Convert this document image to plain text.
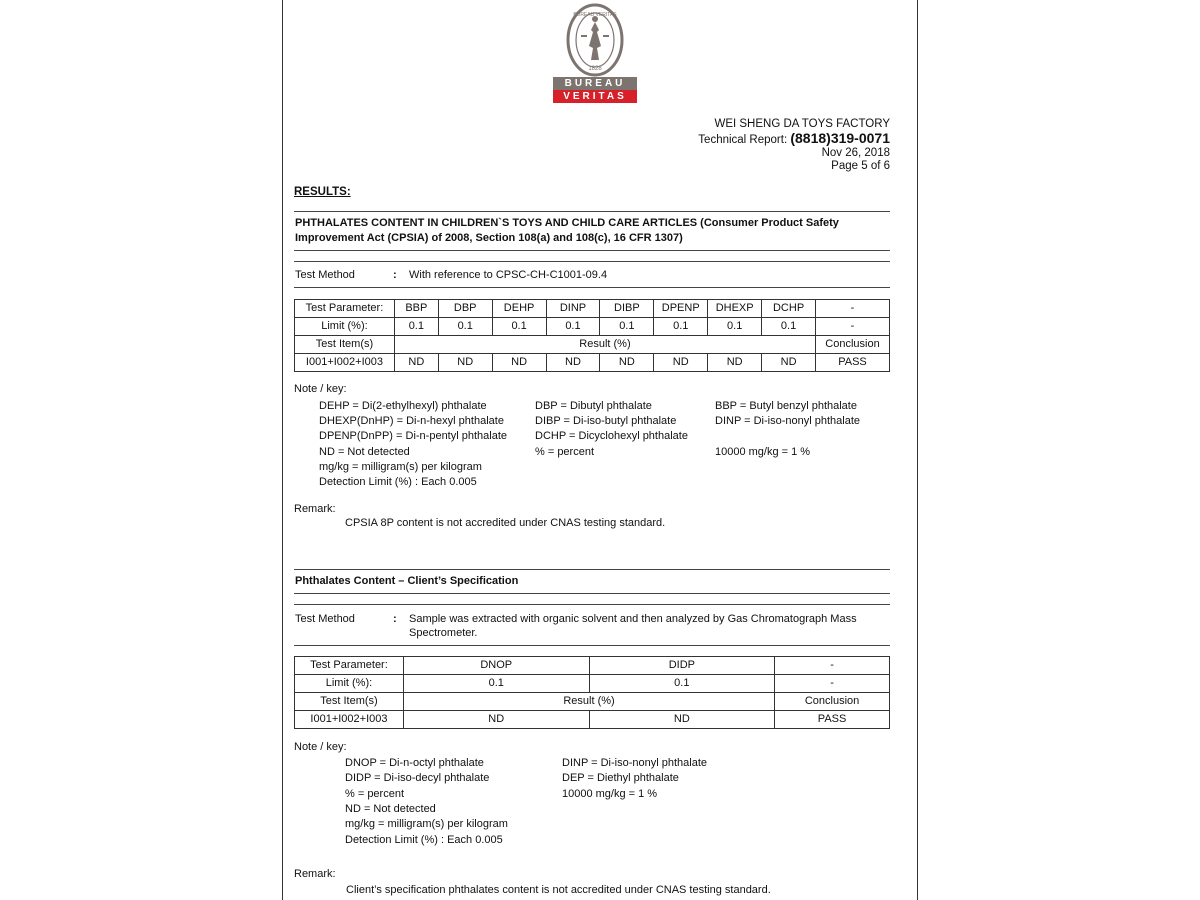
BUREAU VERITAS
1828
BUREAU
VERITAS
WEI SHENG DA TOYS FACTORY
Technical Report: (8818)319-0071
Nov 26, 2018
Page 5 of 6
RESULTS:
PHTHALATES CONTENT IN CHILDREN`S TOYS AND CHILD CARE ARTICLES (Consumer Product Safety
Improvement Act (CPSIA) of 2008, Section 108(a) and 108(c), 16 CFR 1307)
Test Method	: With reference to CPSC-CH-C1001-09.4
Test Parameter:	BBP	DBP	DEHP	DINP	DIBP	DPENP	DHEXP	DCHP	-
Limit (%):	0.1	0.1	0.1	0.1	0.1	0.1	0.1	0.1	-
Test Item(s)	Result (%)								Conclusion
I001+I002+I003	ND	ND	ND	ND	ND	ND	ND	ND	PASS
Note / key:
DEHP = Di(2-ethylhexyl) phthalate
DHEXP(DnHP) = Di-n-hexyl phthalate
DPENP(DnPP) = Di-n-pentyl phthalate
ND = Not detected
mg/kg = milligram(s) per kilogram
Detection Limit (%) : Each 0.005
DBP = Dibutyl phthalate
DIBP = Di-iso-butyl phthalate
DCHP = Dicyclohexyl phthalate
% = percent
BBP = Butyl benzyl phthalate
DINP = Di-iso-nonyl phthalate
10000 mg/kg = 1 %
Remark:
CPSIA 8P content is not accredited under CNAS testing standard.
Phthalates Content – Client’s Specification
Test Method	: Sample was extracted with organic solvent and then analyzed by Gas Chromatograph Mass
Spectrometer.
Test Parameter:	DNOP	DIDP	-
Limit (%):	0.1	0.1	-
Test Item(s)	Result (%)		Conclusion
I001+I002+I003	ND	ND	PASS
Note / key:
DNOP = Di-n-octyl phthalate
DIDP = Di-iso-decyl phthalate
% = percent
ND = Not detected
mg/kg = milligram(s) per kilogram
Detection Limit (%) : Each 0.005
DINP = Di-iso-nonyl phthalate
DEP = Diethyl phthalate
10000 mg/kg = 1 %
Remark:
Client’s specification phthalates content is not accredited under CNAS testing standard.
